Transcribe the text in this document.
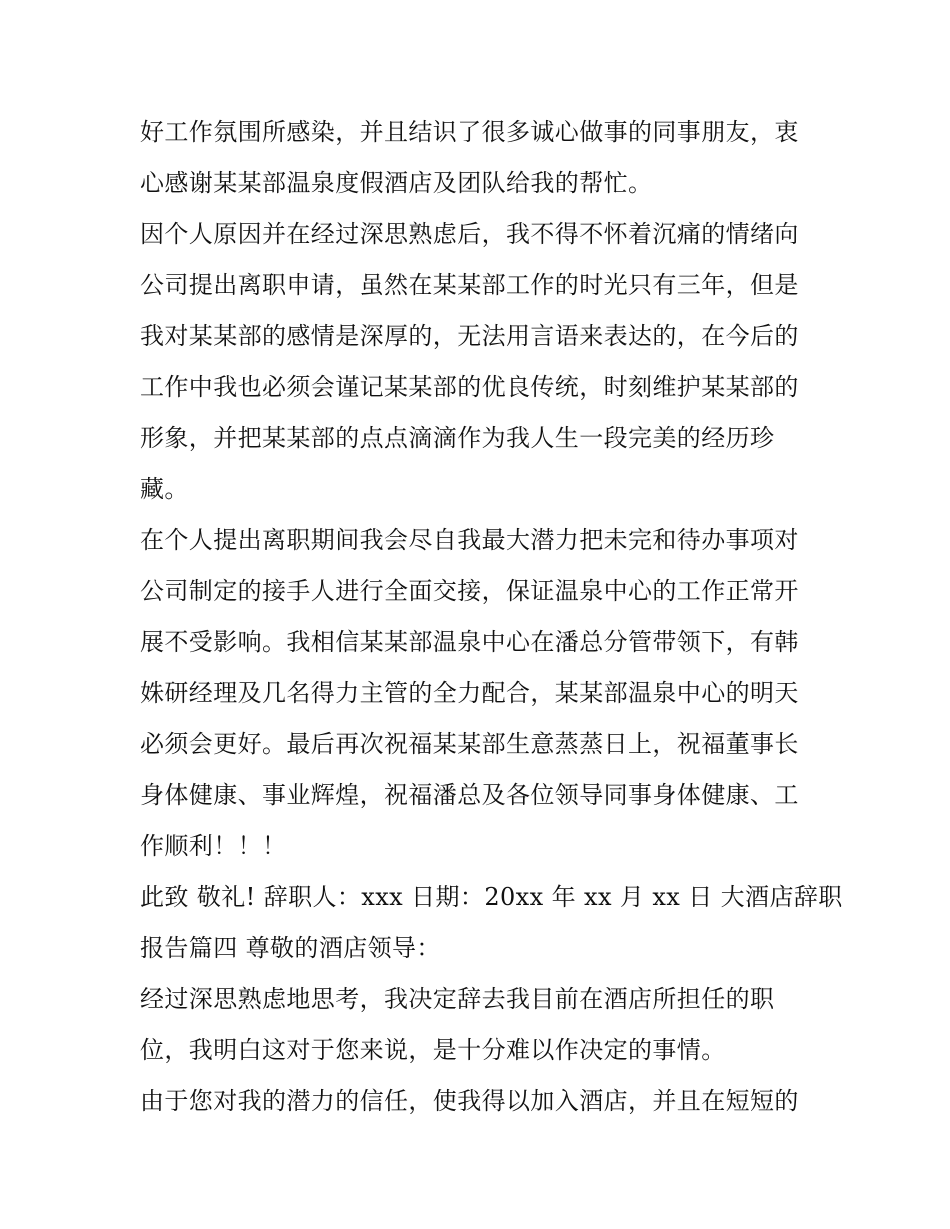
好工作氛围所感染，并且结识了很多诚心做事的同事朋友，衷
心感谢某某部温泉度假酒店及团队给我的帮忙。
因个人原因并在经过深思熟虑后，我不得不怀着沉痛的情绪向
公司提出离职申请，虽然在某某部工作的时光只有三年，但是
我对某某部的感情是深厚的，无法用言语来表达的，在今后的
工作中我也必须会谨记某某部的优良传统，时刻维护某某部的
形象，并把某某部的点点滴滴作为我人生一段完美的经历珍
藏。
在个人提出离职期间我会尽自我最大潜力把未完和待办事项对
公司制定的接手人进行全面交接，保证温泉中心的工作正常开
展不受影响。我相信某某部温泉中心在潘总分管带领下，有韩
姝研经理及几名得力主管的全力配合，某某部温泉中心的明天
必须会更好。最后再次祝福某某部生意蒸蒸日上，祝福董事长
身体健康、事业辉煌，祝福潘总及各位领导同事身体健康、工
作顺利！！！
此致 敬礼! 辞职人：xxx 日期：20xx 年 xx 月 xx 日 大酒店辞职
报告篇四 尊敬的酒店领导：
经过深思熟虑地思考，我决定辞去我目前在酒店所担任的职
位，我明白这对于您来说，是十分难以作决定的事情。
由于您对我的潜力的信任，使我得以加入酒店，并且在短短的
